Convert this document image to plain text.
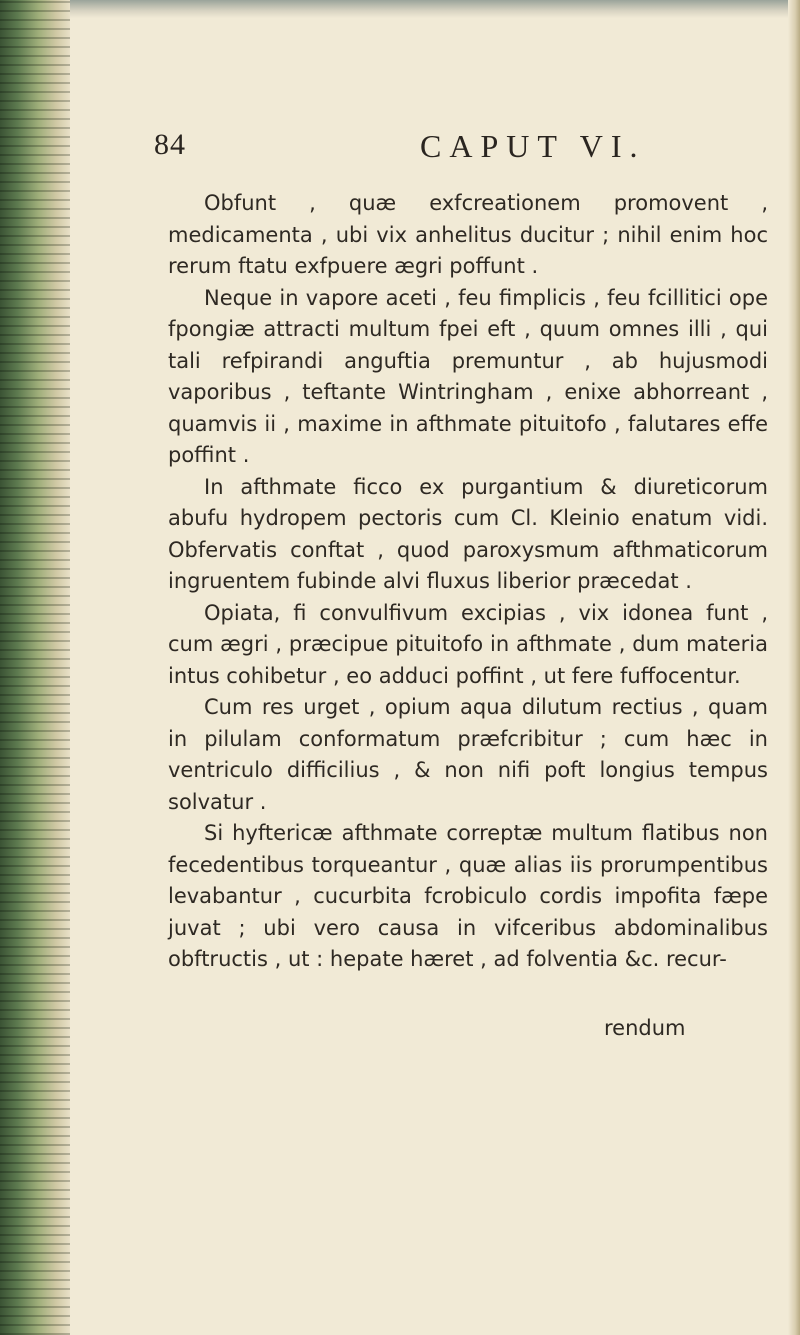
84	CAPUT VI.

Obfunt , quæ exfcreationem promovent , medicamenta , ubi vix anhelitus ducitur ; nihil enim hoc rerum ftatu exfpuere ægri poffunt .

Neque in vapore aceti , feu fimplicis , feu fcillitici ope fpongiæ attracti multum fpei eft , quum omnes illi , qui tali refpirandi anguftia premuntur , ab hujusmodi vaporibus , teftante Wintringham , enixe abhorreant , quamvis ii , maxime in afthmate pituitofo , falutares effe poffint .

In afthmate ficco ex purgantium & diureticorum abufu hydropem pectoris cum Cl. Kleinio enatum vidi. Obfervatis conftat , quod paroxysmum afthmaticorum ingruentem fubinde alvi fluxus liberior præcedat .

Opiata, fi convulfivum excipias , vix idonea funt , cum ægri , præcipue pituitofo in afthmate , dum materia intus cohibetur , eo adduci poffint , ut fere fuffocentur.

Cum res urget , opium aqua dilutum rectius , quam in pilulam conformatum præfcribitur ; cum hæc in ventriculo difficilius , & non nifi poft longius tempus solvatur .

Si hyftericæ afthmate correptæ multum flatibus non fecedentibus torqueantur , quæ alias iis prorumpentibus levabantur , cucurbita fcrobiculo cordis impofita fæpe juvat ; ubi vero causa in vifceribus abdominalibus obftructis , ut : hepate hæret , ad folventia &c. recur-

rendum
